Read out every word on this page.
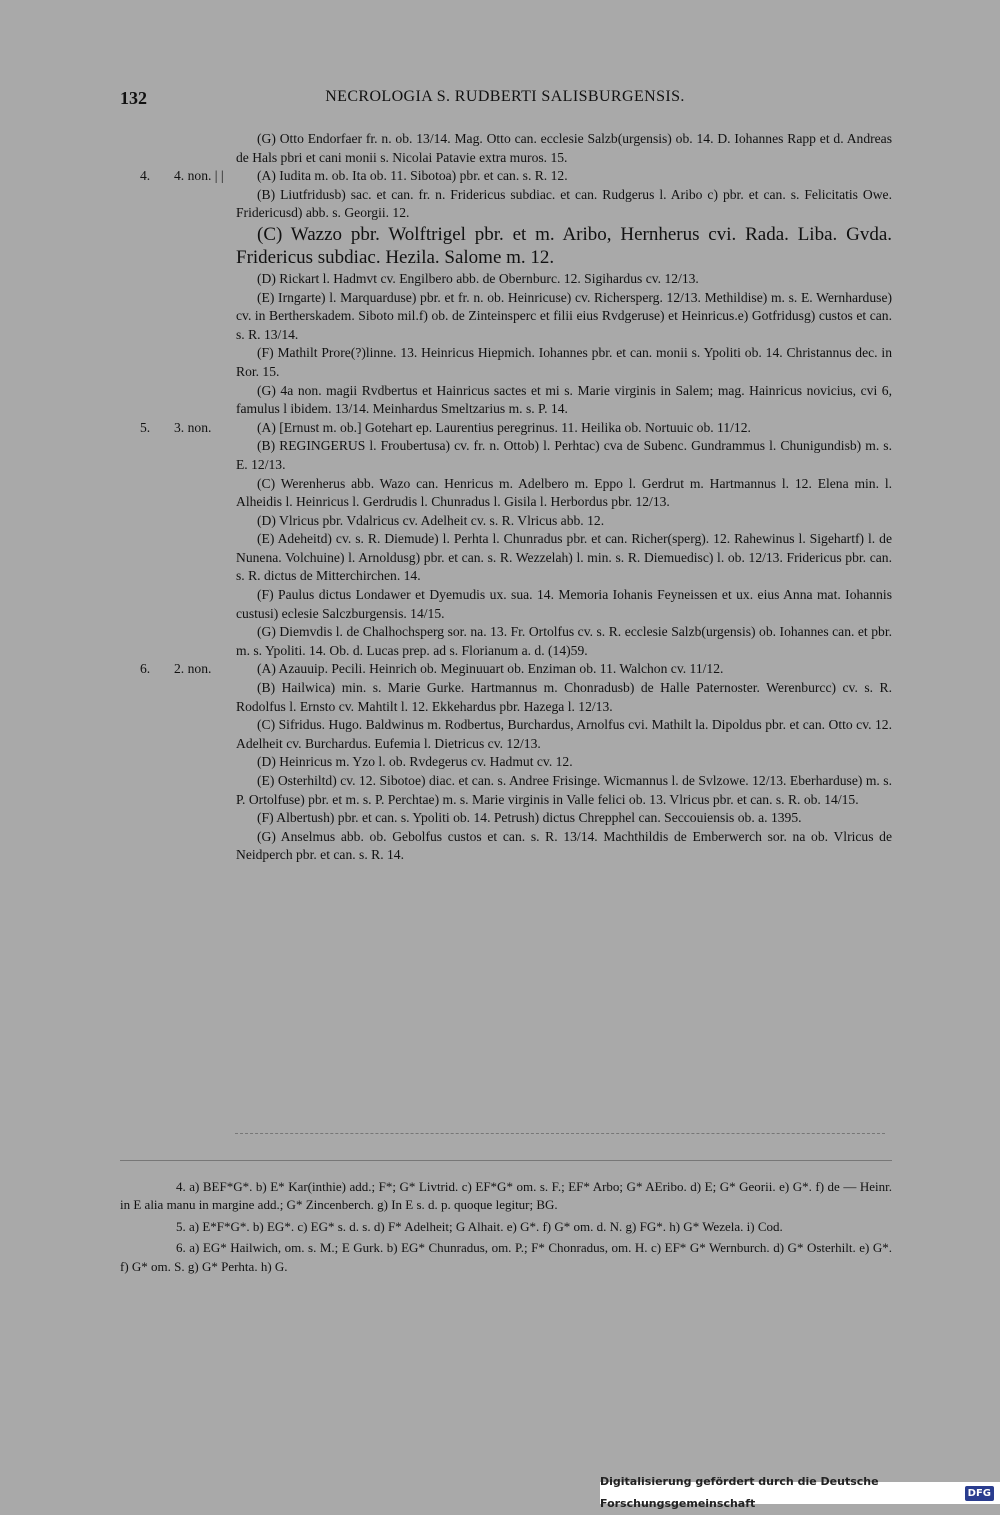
132	NECROLOGIA S. RUDBERTI SALISBURGENSIS.
(G) Otto Endorfaer fr. n. ob. 13/14. Mag. Otto can. ecclesie Salzb(urgensis) ob. 14. D. Iohannes Rapp et d. Andreas de Hals pbri et cani monii s. Nicolai Patavie extra muros. 15.
4. 4. non. | |	(A) Iudita m. ob. Ita ob. 11. Sibotoa) pbr. et can. s. R. 12.
(B) Liutfridusb) sac. et can. fr. n. Fridericus subdiac. et can. Rudgerus l. Aribo c) pbr. et can. s. Felicitatis Owe. Fridericusd) abb. s. Georgii. 12.
(C) Wazzo pbr. Wolftrigel pbr. et m. Aribo, Hernherus cvi. Rada. Liba. Gvda. Fridericus subdiac. Hezila. Salome m. 12.
(D) Rickart l. Hadmvt cv. Engilbero abb. de Obernburc. 12. Sigihardus cv. 12/13.
(E) Irngarte) l. Marquarduse) pbr. et fr. n. ob. Heinricuse) cv. Richersperg. 12/13. Methildise) m. s. E. Wernharduse) cv. in Bertherskadem. Siboto mil.f) ob. de Zinteinsperc et filii eius Rvdgeruse) et Heinricus.e) Gotfridusg) custos et can. s. R. 13/14.
(F) Mathilt Prore(?)linne. 13. Heinricus Hiepmich. Iohannes pbr. et can. monii s. Ypoliti ob. 14. Christannus dec. in Ror. 15.
(G) 4a non. magii Rvdbertus et Hainricus sactes et mi s. Marie virginis in Salem; mag. Hainricus novicius, cvi 6, famulus l ibidem. 13/14. Meinhardus Smeltzarius m. s. P. 14.
5. 3. non.	(A) [Ernust m. ob.] Gotehart ep. Laurentius peregrinus. 11. Heilika ob. Nortuuic ob. 11/12.
(B) REGINGERUS l. Froubertusa) cv. fr. n. Ottob) l. Perhtac) cva de Subenc. Gundrammus l. Chunigundisb) m. s. E. 12/13.
(C) Werenherus abb. Wazo can. Henricus m. Adelbero m. Eppo l. Gerdrut m. Hartmannus l. 12. Elena min. l. Alheidis l. Heinricus l. Gerdrudis l. Chunradus l. Gisila l. Herbordus pbr. 12/13.
(D) Vlricus pbr. Vdalricus cv. Adelheit cv. s. R. Vlricus abb. 12.
(E) Adeheitd) cv. s. R. Diemude) l. Perhta l. Chunradus pbr. et can. Richer(sperg). 12. Rahewinus l. Sigehartf) l. de Nunena. Volchuine) l. Arnoldusg) pbr. et can. s. R. Wezzelah) l. min. s. R. Diemuedisc) l. ob. 12/13. Fridericus pbr. can. s. R. dictus de Mitterchirchen. 14.
(F) Paulus dictus Londawer et Dyemudis ux. sua. 14. Memoria Iohanis Feyneissen et ux. eius Anna mat. Iohannis custusi) eclesie Salczburgensis. 14/15.
(G) Diemvdis l. de Chalhochsperg sor. na. 13. Fr. Ortolfus cv. s. R. ecclesie Salzb(urgensis) ob. Iohannes can. et pbr. m. s. Ypoliti. 14. Ob. d. Lucas prep. ad s. Florianum a. d. (14)59.
6. 2. non.	(A) Azauuip. Pecili. Heinrich ob. Meginuuart ob. Enziman ob. 11. Walchon cv. 11/12.
(B) Hailwica) min. s. Marie Gurke. Hartmannus m. Chonradusb) de Halle Paternoster. Werenburcc) cv. s. R. Rodolfus l. Ernsto cv. Mahtilt l. 12. Ekkehardus pbr. Hazega l. 12/13.
(C) Sifridus. Hugo. Baldwinus m. Rodbertus, Burchardus, Arnolfus cvi. Mathilt la. Dipoldus pbr. et can. Otto cv. 12. Adelheit cv. Burchardus. Eufemia l. Dietricus cv. 12/13.
(D) Heinricus m. Yzo l. ob. Rvdegerus cv. Hadmut cv. 12.
(E) Osterhiltd) cv. 12. Sibotoe) diac. et can. s. Andree Frisinge. Wicmannus l. de Svlzowe. 12/13. Eberharduse) m. s. P. Ortolfuse) pbr. et m. s. P. Perchtae) m. s. Marie virginis in Valle felici ob. 13. Vlricus pbr. et can. s. R. ob. 14/15.
(F) Albertush) pbr. et can. s. Ypoliti ob. 14. Petrush) dictus Chrepphel can. Seccouiensis ob. a. 1395.
(G) Anselmus abb. ob. Gebolfus custos et can. s. R. 13/14. Machthildis de Emberwerch sor. na ob. Vlricus de Neidperch pbr. et can. s. R. 14.
4. a) BEF*G*. b) E* Kar(inthie) add.; F*; G* Livtrid. c) EF*G* om. s. F.; EF* Arbo; G* AEribo. d) E; G* Georii. e) G*. f) de — Heinr. in E alia manu in margine add.; G* Zincenberch. g) In E s. d. p. quoque legitur; BG.
5. a) E*F*G*. b) EG*. c) EG* s. d. s. d) F* Adelheit; G Alhait. e) G*. f) G* om. d. N. g) FG*. h) G* Wezela. i) Cod.
6. a) EG* Hailwich, om. s. M.; E Gurk. b) EG* Chunradus, om. P.; F* Chonradus, om. H. c) EF* G* Wernburch. d) G* Osterhilt. e) G*. f) G* om. S. g) G* Perhta. h) G.
Digitalisierung gefördert durch die Deutsche Forschungsgemeinschaft
DFG
